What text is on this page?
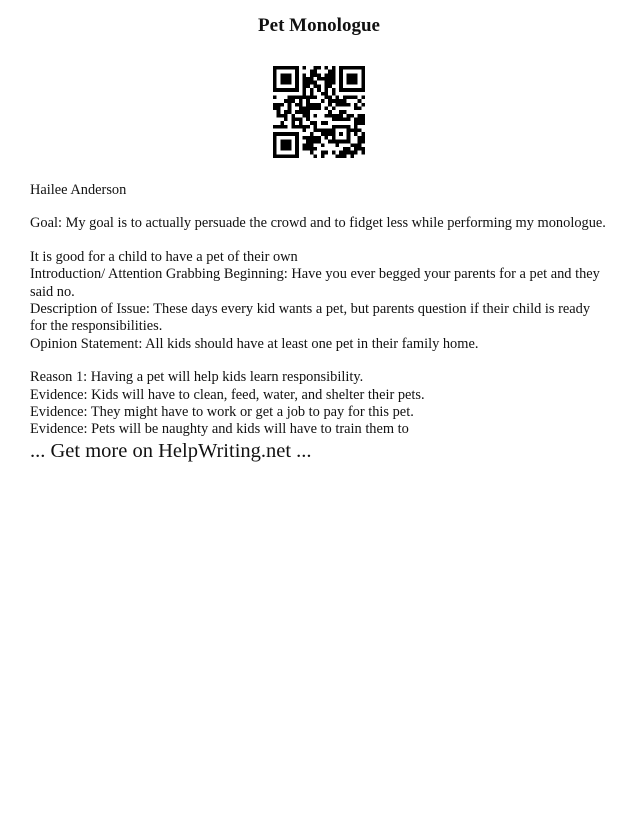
Pet Monologue

Hailee Anderson

Goal: My goal is to actually persuade the crowd and to fidget less while performing my monologue.

It is good for a child to have a pet of their own

Introduction/ Attention Grabbing Beginning: Have you ever begged your parents for a pet and they said no.

Description of Issue: These days every kid wants a pet, but parents question if their child is ready for the responsibilities.

Opinion Statement: All kids should have at least one pet in their family home.

Reason 1: Having a pet will help kids learn responsibility.

Evidence: Kids will have to clean, feed, water, and shelter their pets.

Evidence: They might have to work or get a job to pay for this pet.

Evidence: Pets will be naughty and kids will have to train them to

... Get more on HelpWriting.net ...
